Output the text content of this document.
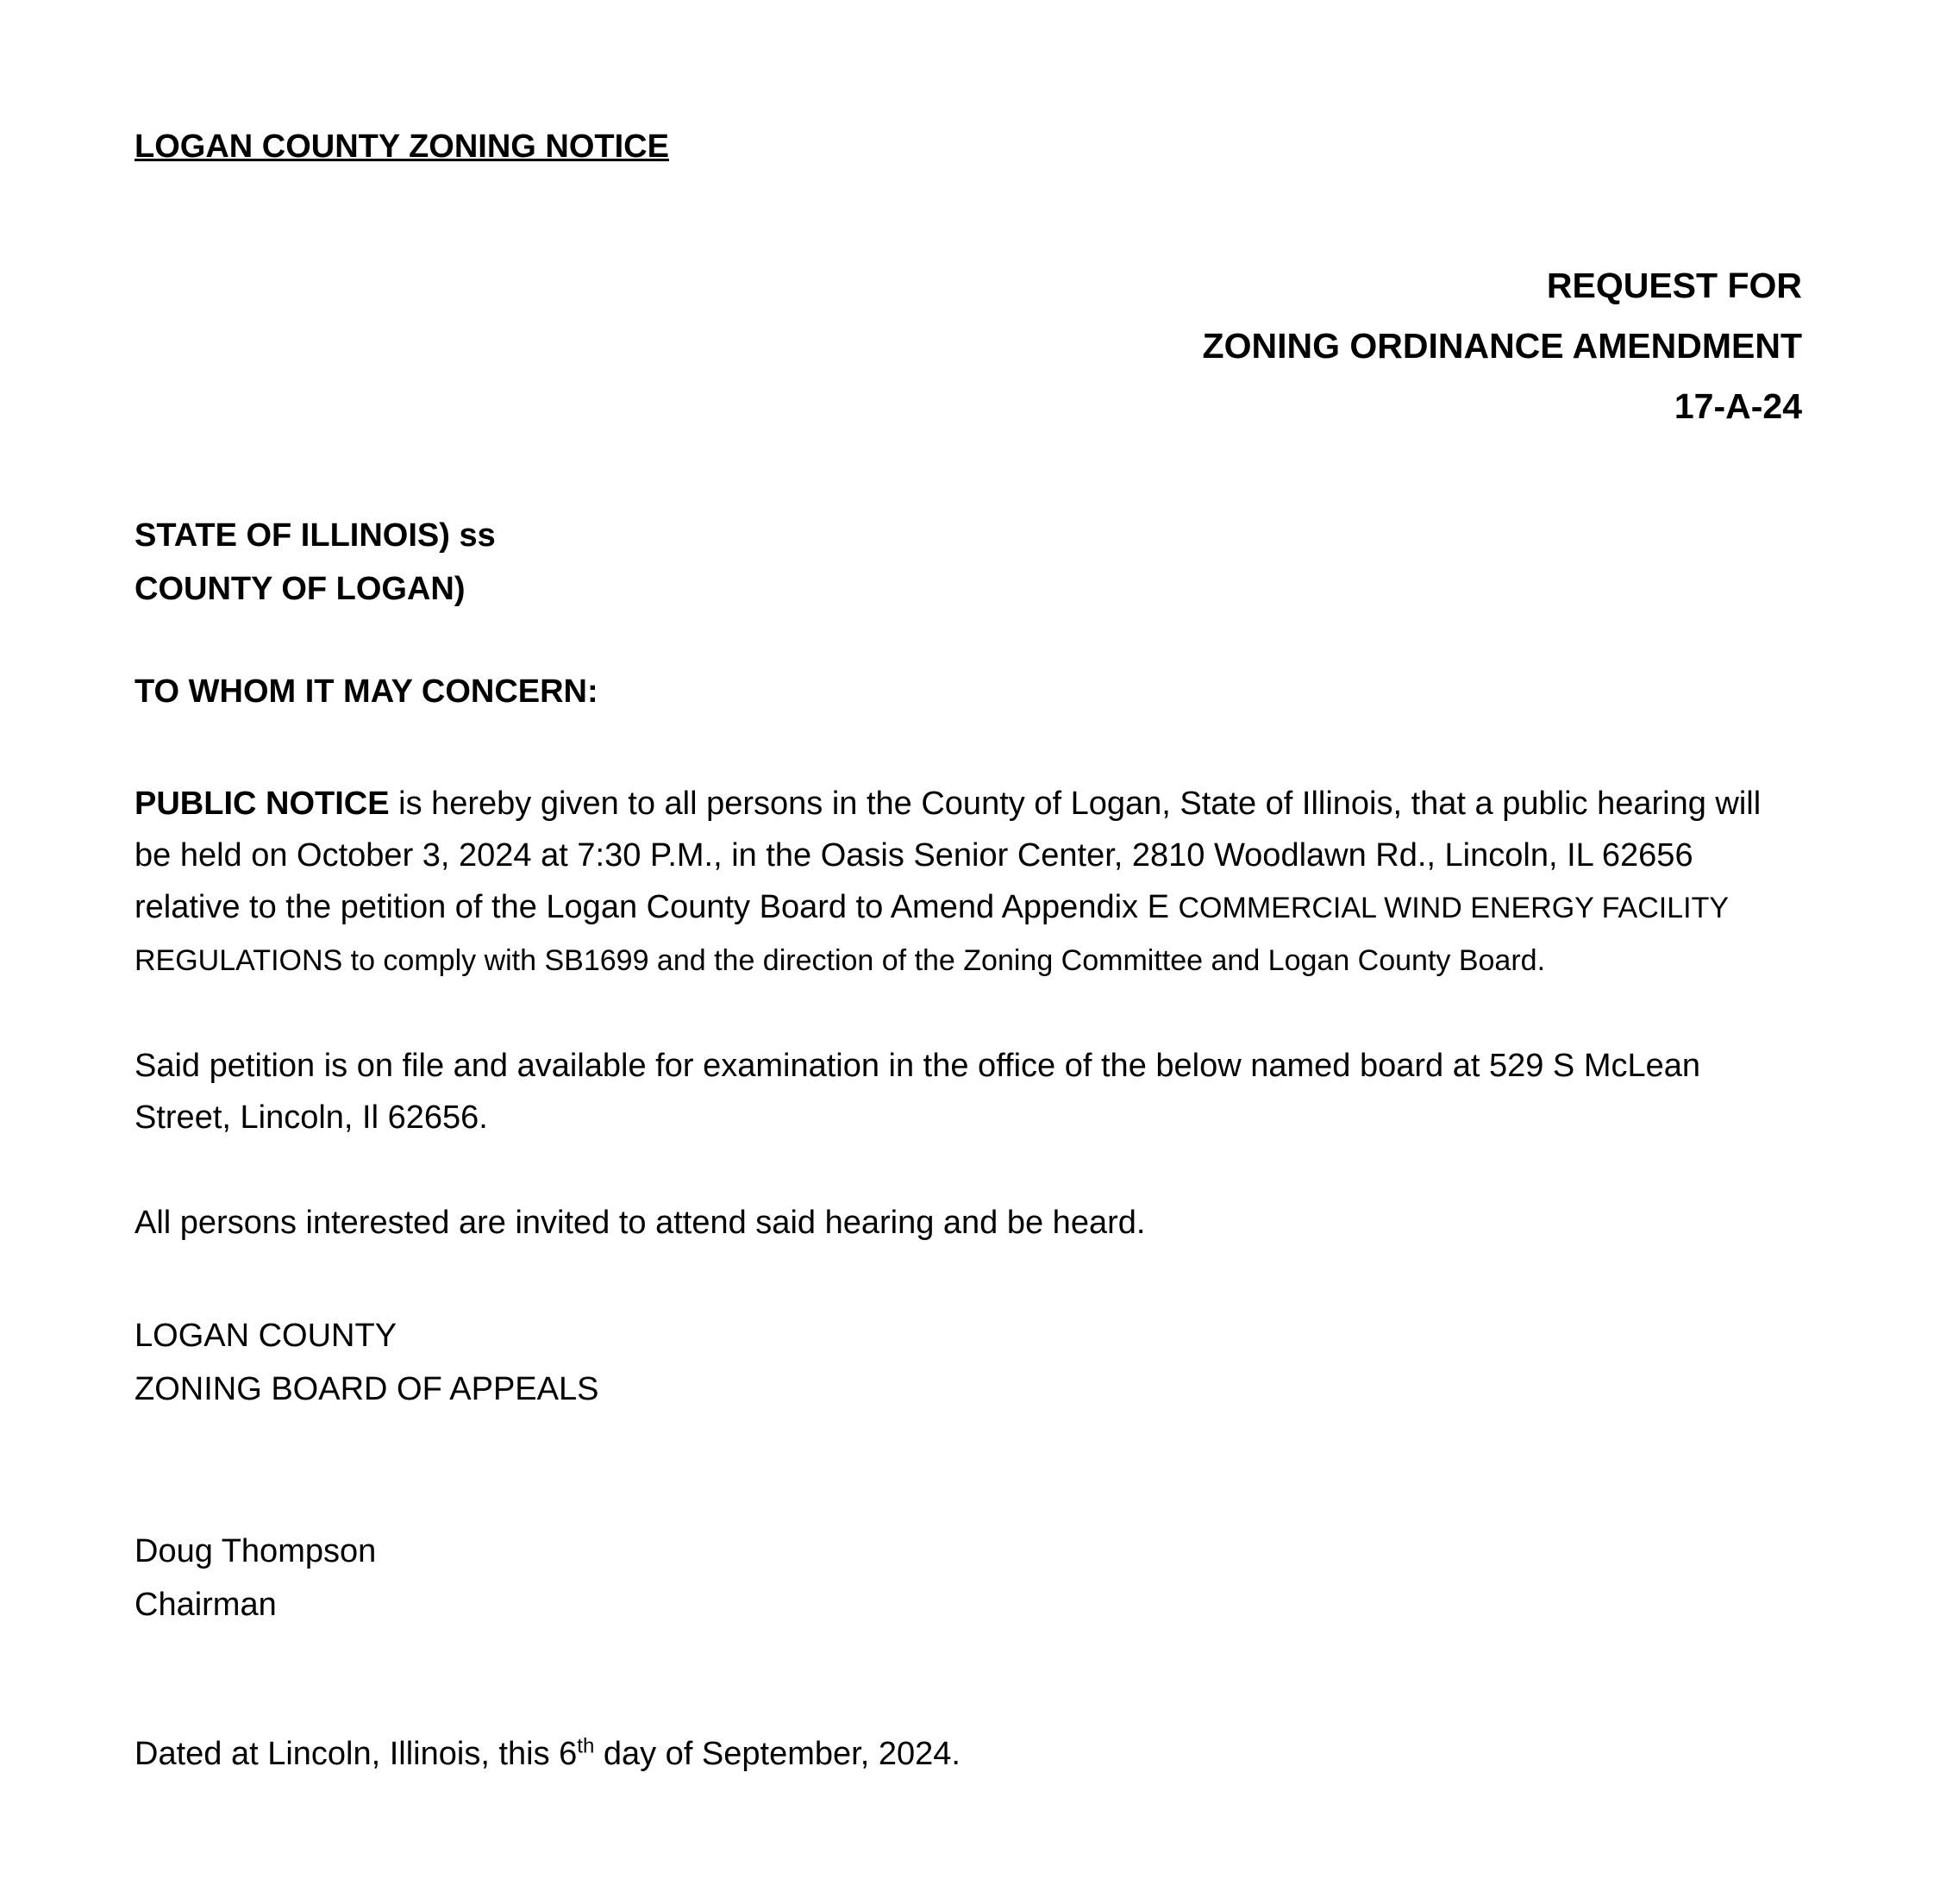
LOGAN COUNTY ZONING NOTICE
REQUEST FOR
ZONING ORDINANCE AMENDMENT
17-A-24
STATE OF ILLINOIS) ss
COUNTY OF LOGAN)
TO WHOM IT MAY CONCERN:

PUBLIC NOTICE is hereby given to all persons in the County of Logan, State of Illinois, that a public hearing will be held on October 3, 2024 at 7:30 P.M., in the Oasis Senior Center, 2810 Woodlawn Rd., Lincoln, IL 62656 relative to the petition of the Logan County Board to Amend Appendix E COMMERCIAL WIND ENERGY FACILITY REGULATIONS to comply with SB1699 and the direction of the Zoning Committee and Logan County Board.

Said petition is on file and available for examination in the office of the below named board at 529 S McLean Street, Lincoln, Il 62656.

All persons interested are invited to attend said hearing and be heard.

LOGAN COUNTY
ZONING BOARD OF APPEALS
Doug Thompson
Chairman

Dated at Lincoln, Illinois, this 6th day of September, 2024.
